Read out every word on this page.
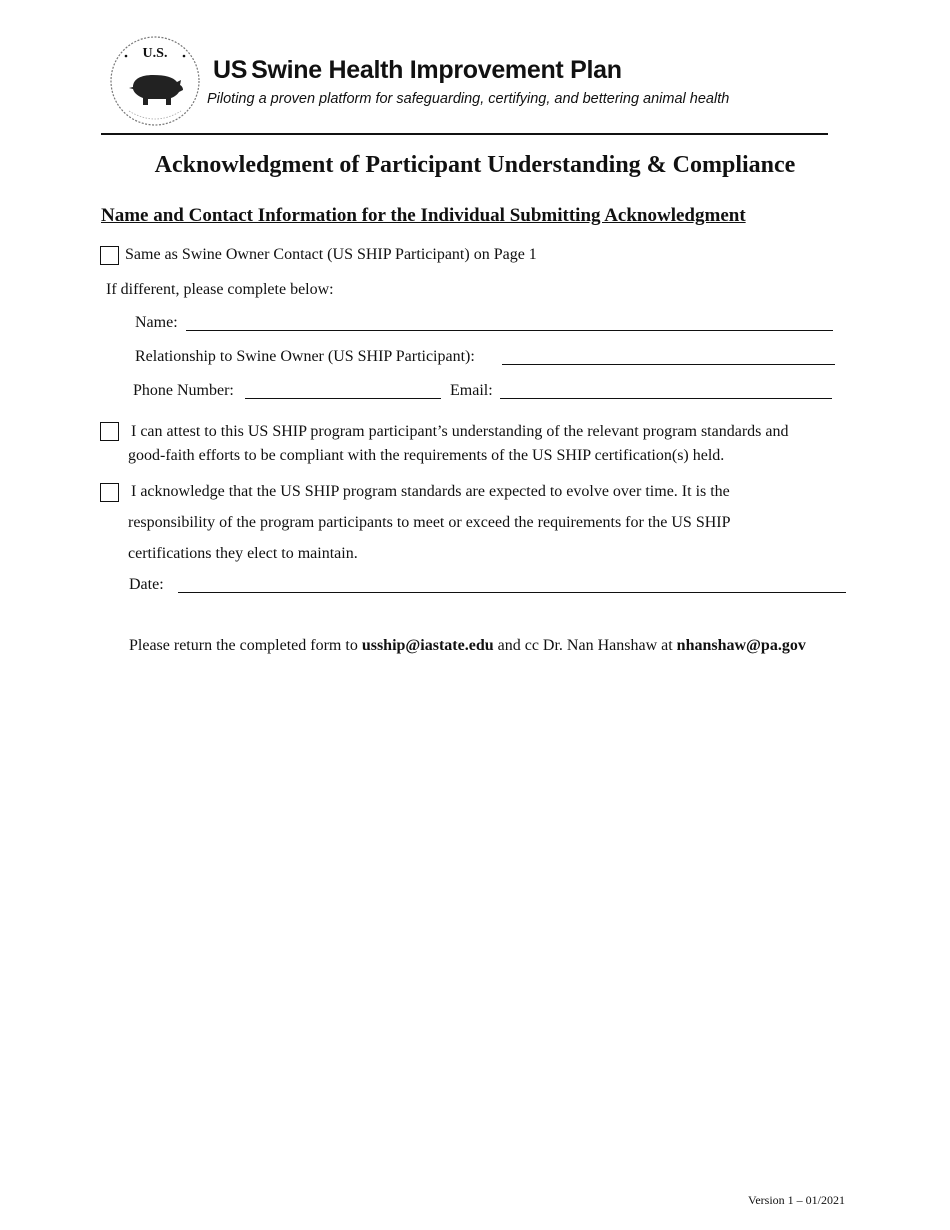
U.S.
US Swine Health Improvement Plan
Piloting a proven platform for safeguarding, certifying, and bettering animal health
Acknowledgment of Participant Understanding & Compliance
Name and Contact Information for the Individual Submitting Acknowledgment
Same as Swine Owner Contact (US SHIP Participant) on Page 1
If different, please complete below:
Name:
Relationship to Swine Owner (US SHIP Participant):
Phone Number:	Email:
I can attest to this US SHIP program participant’s understanding of the relevant program standards and
good-faith efforts to be compliant with the requirements of the US SHIP certification(s) held.
I acknowledge that the US SHIP program standards are expected to evolve over time. It is the
responsibility of the program participants to meet or exceed the requirements for the US SHIP
certifications they elect to maintain.
Date:
Please return the completed form to usship@iastate.edu and cc Dr. Nan Hanshaw at nhanshaw@pa.gov
Version 1 – 01/2021
